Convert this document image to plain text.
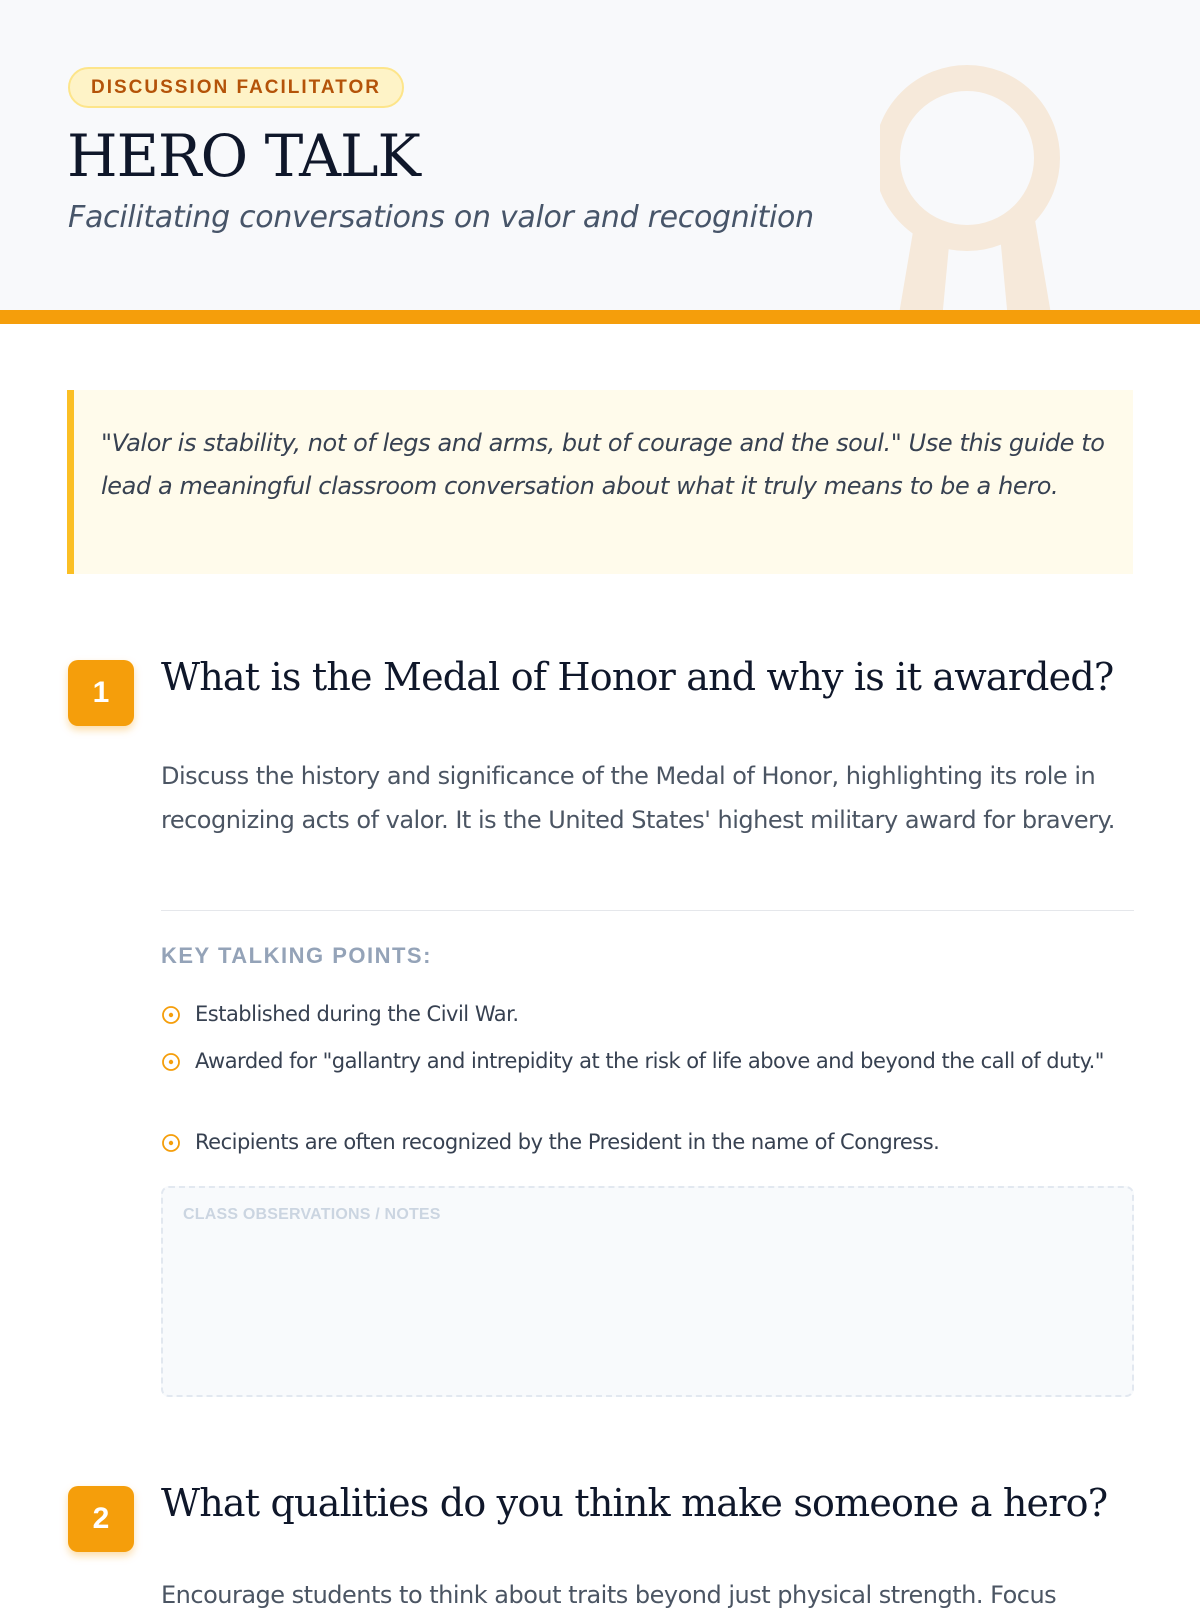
DISCUSSION FACILITATOR
HERO TALK

Facilitating conversations on valor and recognition

"Valor is stability, not of legs and arms, but of courage and the soul." Use this guide to lead a meaningful classroom conversation about what it truly means to be a hero.
1	What is the Medal of Honor and why is it awarded?

Discuss the history and significance of the Medal of Honor, highlighting its role in recognizing acts of valor. It is the United States' highest military award for bravery.

KEY TALKING POINTS:
Established during the Civil War.
Awarded for "gallantry and intrepidity at the risk of life above and beyond the call of duty."
Recipients are often recognized by the President in the name of Congress.
CLASS OBSERVATIONS / NOTES
2	What qualities do you think make someone a hero?

Encourage students to think about traits beyond just physical strength. Focus
